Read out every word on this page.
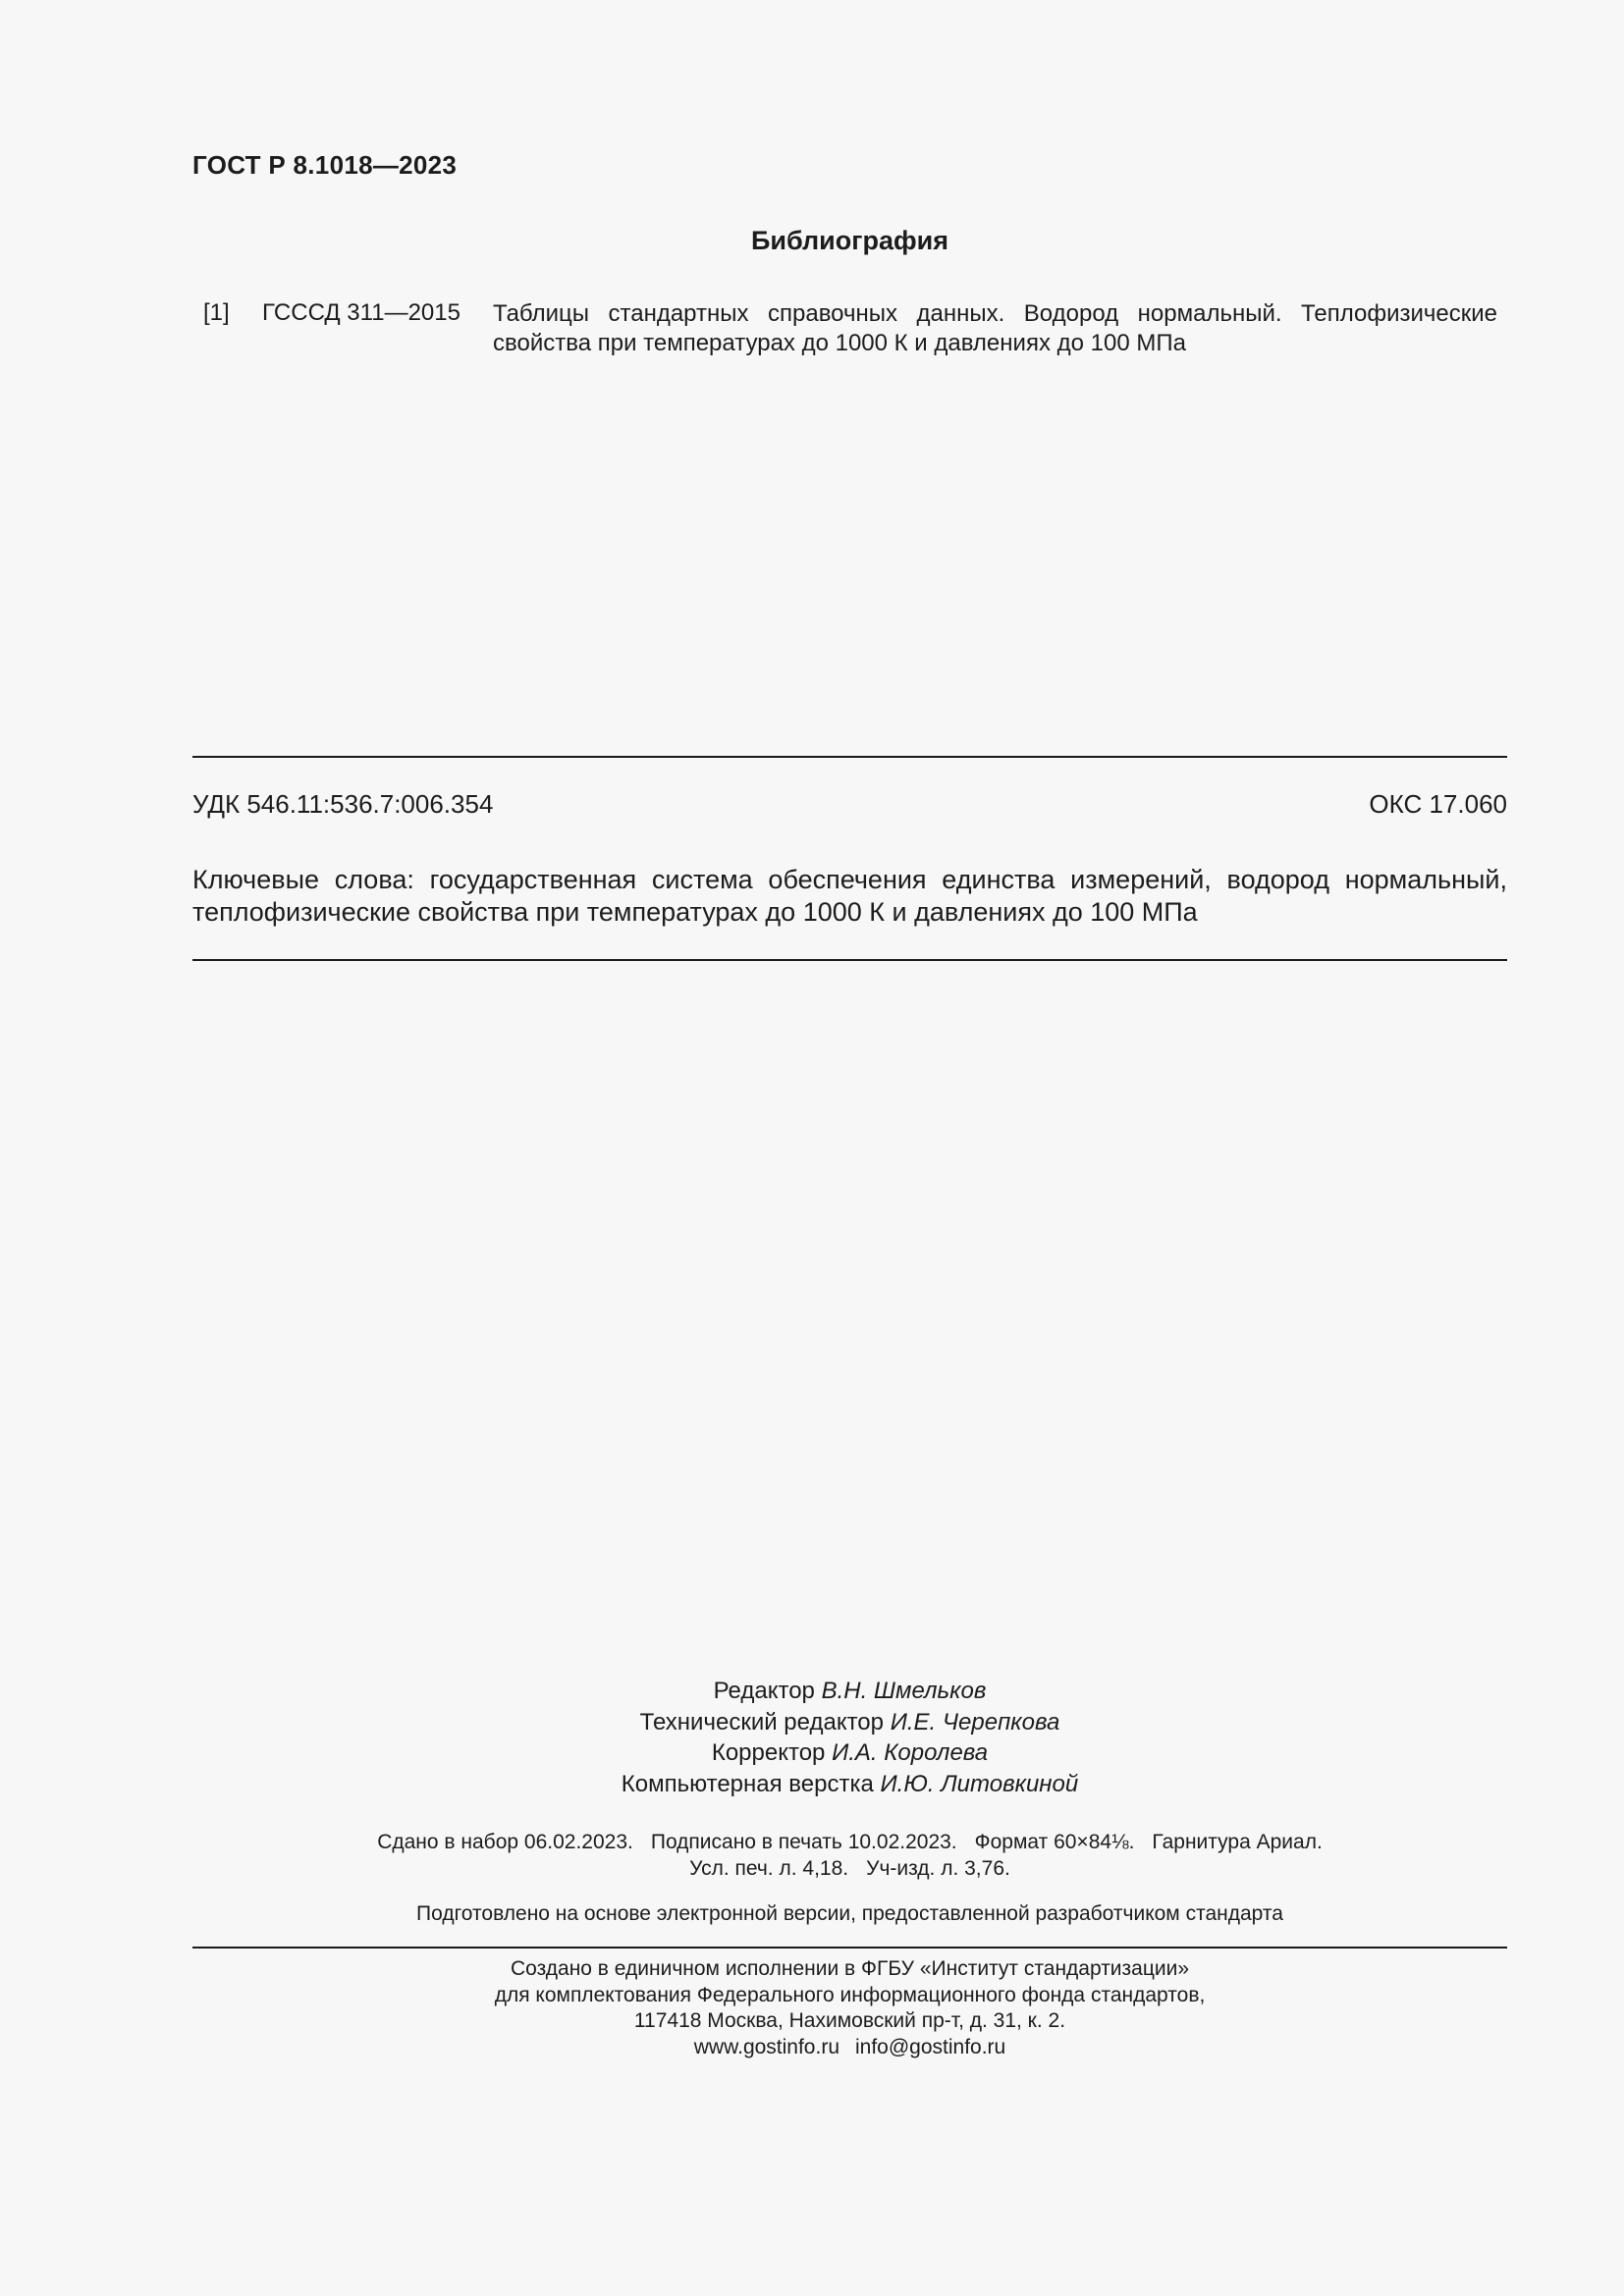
ГОСТ Р 8.1018—2023
Библиография
[1] ГСССД 311—2015 Таблицы стандартных справочных данных. Водород нормальный. Теплофизические свойства при температурах до 1000 К и давлениях до 100 МПа
УДК 546.11:536.7:006.354	ОКС 17.060
Ключевые слова: государственная система обеспечения единства измерений, водород нормальный, теплофизические свойства при температурах до 1000 К и давлениях до 100 МПа
Редактор В.Н. Шмельков
Технический редактор И.Е. Черепкова
Корректор И.А. Королева
Компьютерная верстка И.Ю. Литовкиной
Сдано в набор 06.02.2023. Подписано в печать 10.02.2023. Формат 60×84⅛. Гарнитура Ариал.
Усл. печ. л. 4,18. Уч-изд. л. 3,76.
Подготовлено на основе электронной версии, предоставленной разработчиком стандарта
Создано в единичном исполнении в ФГБУ «Институт стандартизации»
для комплектования Федерального информационного фонда стандартов,
117418 Москва, Нахимовский пр-т, д. 31, к. 2.
www.gostinfo.ru info@gostinfo.ru
